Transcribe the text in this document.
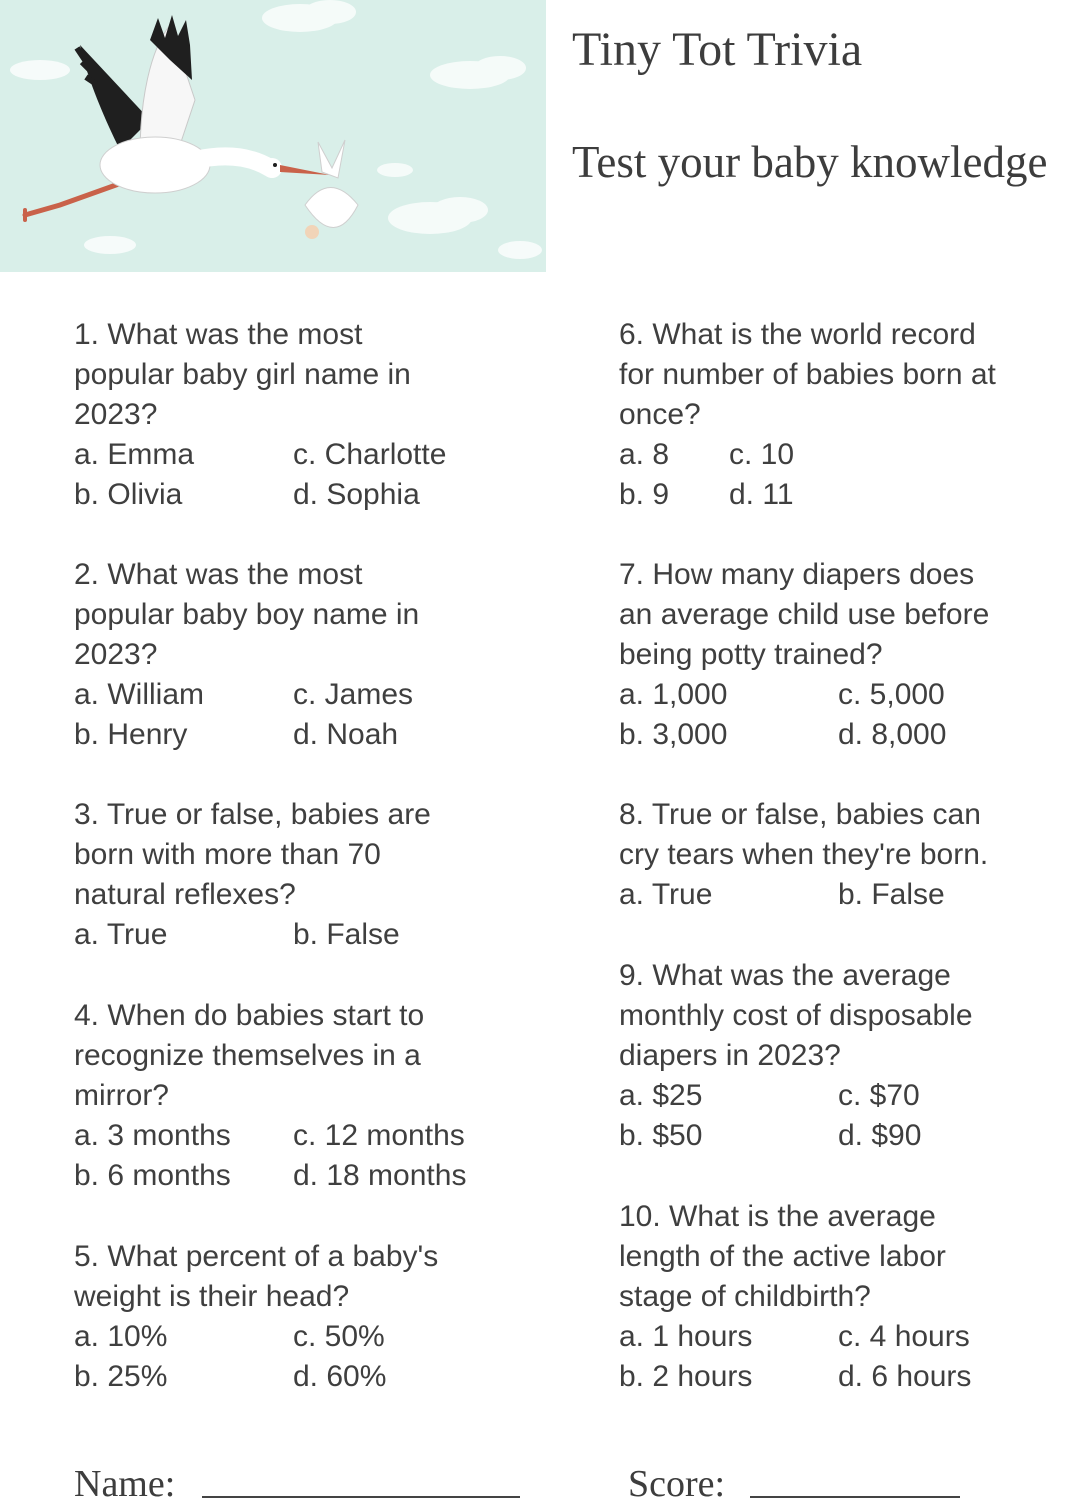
Tiny Tot Trivia
Test your baby knowledge
1. What was the most
popular baby girl name in
2023?
a. Emma	c. Charlotte
b. Olivia	d. Sophia
2. What was the most
popular baby boy name in
2023?
a. William	c. James
b. Henry	d. Noah
3. True or false, babies are
born with more than 70
natural reflexes?
a. True	b. False
4. When do babies start to
recognize themselves in a
mirror?
a. 3 months	c. 12 months
b. 6 months	d. 18 months
5. What percent of a baby's
weight is their head?
a. 10%	c. 50%
b. 25%	d. 60%
6. What is the world record
for number of babies born at
once?
a. 8	c. 10
b. 9	d. 11
7. How many diapers does
an average child use before
being potty trained?
a. 1,000	c. 5,000
b. 3,000	d. 8,000
8. True or false, babies can
cry tears when they're born.
a. True	b. False
9. What was the average
monthly cost of disposable
diapers in 2023?
a. $25	c. $70
b. $50	d. $90
10. What is the average
length of the active labor
stage of childbirth?
a. 1 hours	c. 4 hours
b. 2 hours	d. 6 hours
Name:	Score:
